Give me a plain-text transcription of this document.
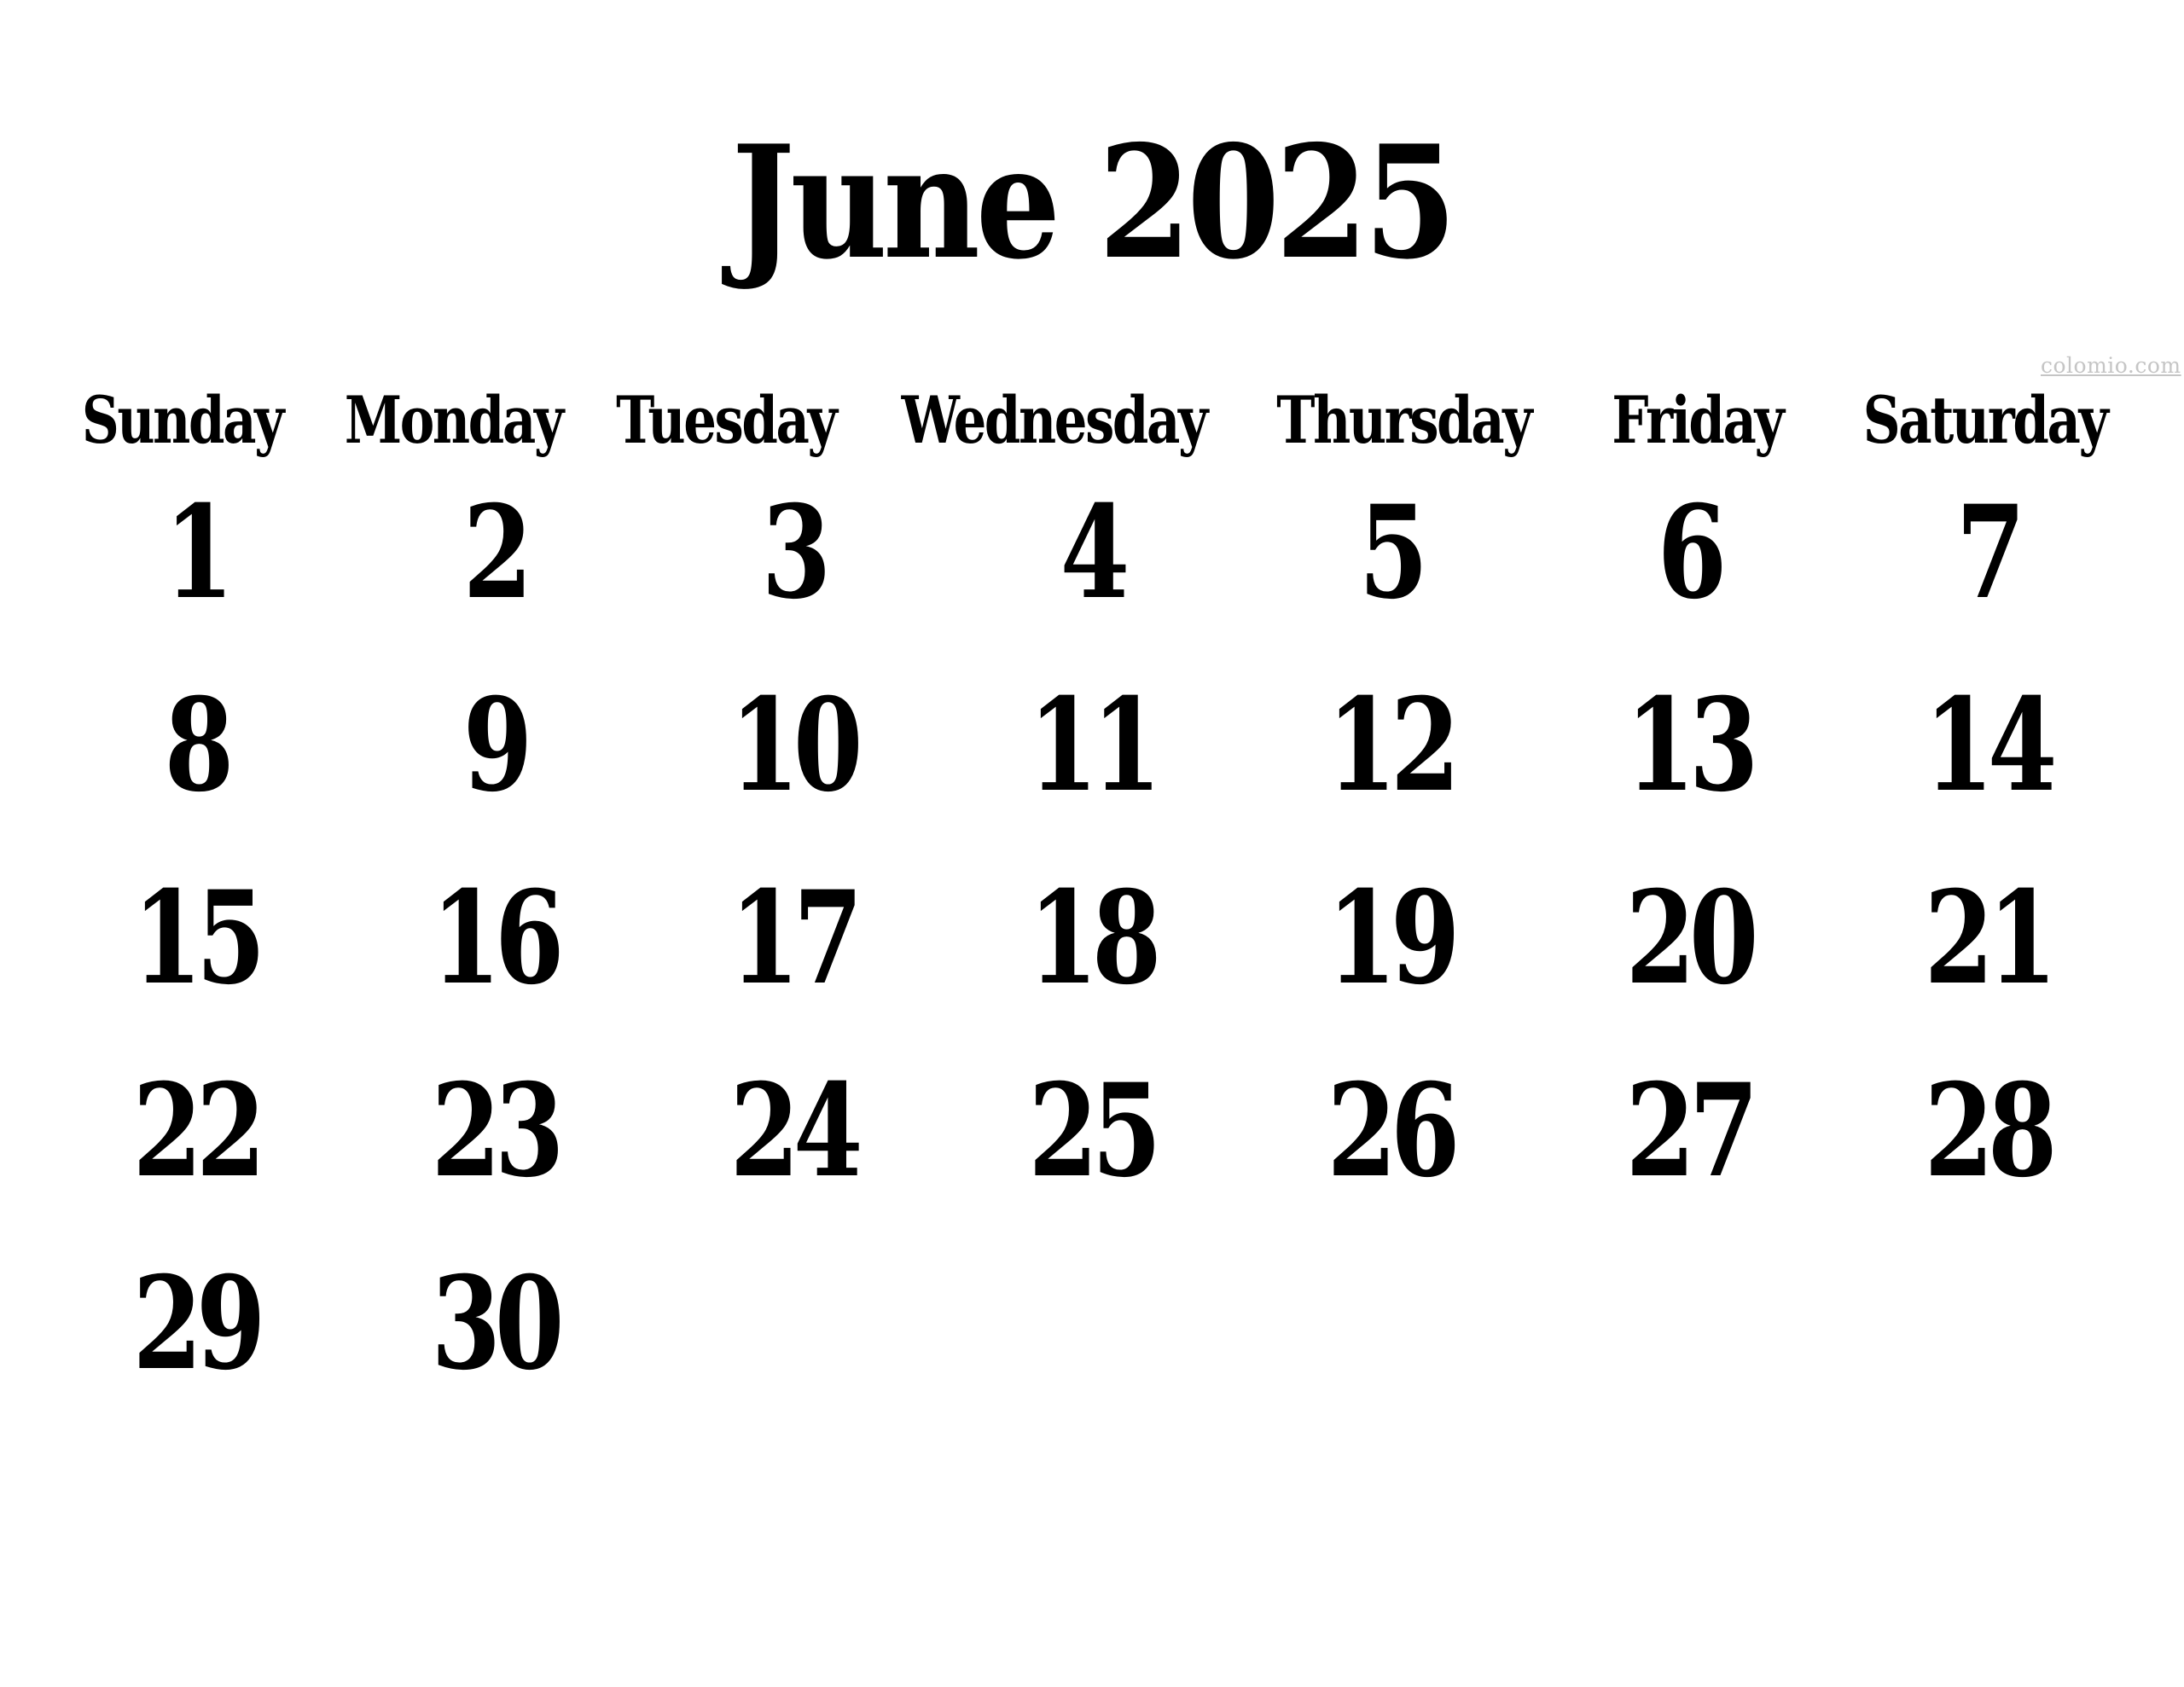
June 2025
colomio.com
Sunday Monday Tuesday Wednesday Thursday	Friday	Saturday
1	2	3	4	5	6	7
8	9	10	11	12	13	14
15	16	17	18	19	20	21
22	23	24	25	26	27	28
29	30
